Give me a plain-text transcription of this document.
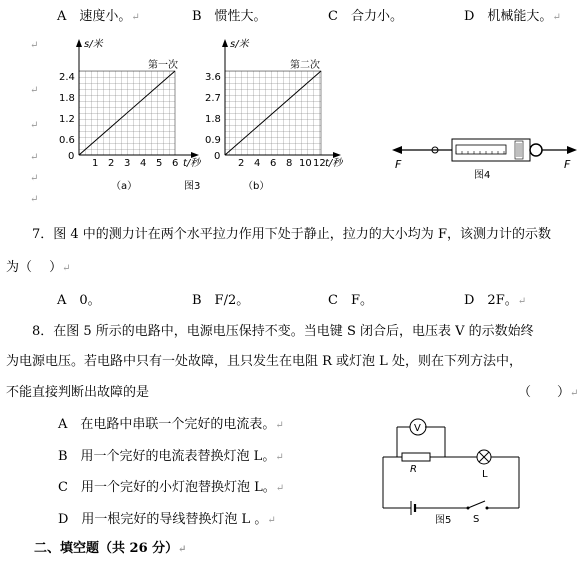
A　速度小。↵	B　惯性大。	C　合力小。	D　机械能大。↵
↵
↵
↵
↵
↵
↵
s/米
第一次
2.4
1.8
1.2
0.6
0
1 2 3 4 5 6 t/秒
（a）	图3
s/米
第二次
3.6
2.7
1.8
0.9
0
2 4 6 8 10 12 t/秒
（b）
F	F
图4
7．图 4 中的测力计在两个水平拉力作用下处于静止，拉力的大小均为 F，该测力计的示数
为（　 ）↵
A　0。	B　F/2。	C　F。	D　2F。↵
8．在图 5 所示的电路中，电源电压保持不变。当电键 S 闭合后，电压表 V 的示数始终
为电源电压。若电路中只有一处故障，且只发生在电阻 R 或灯泡 L 处，则在下列方法中，
不能直接判断出故障的是	（　　）↵
A　在电路中串联一个完好的电流表。↵
B　用一个完好的电流表替换灯泡 L。↵
C　用一个完好的小灯泡替换灯泡 L。↵
D　用一根完好的导线替换灯泡 L 。↵
V
R	L
图5 S
二、填空题（共 26 分）↵
